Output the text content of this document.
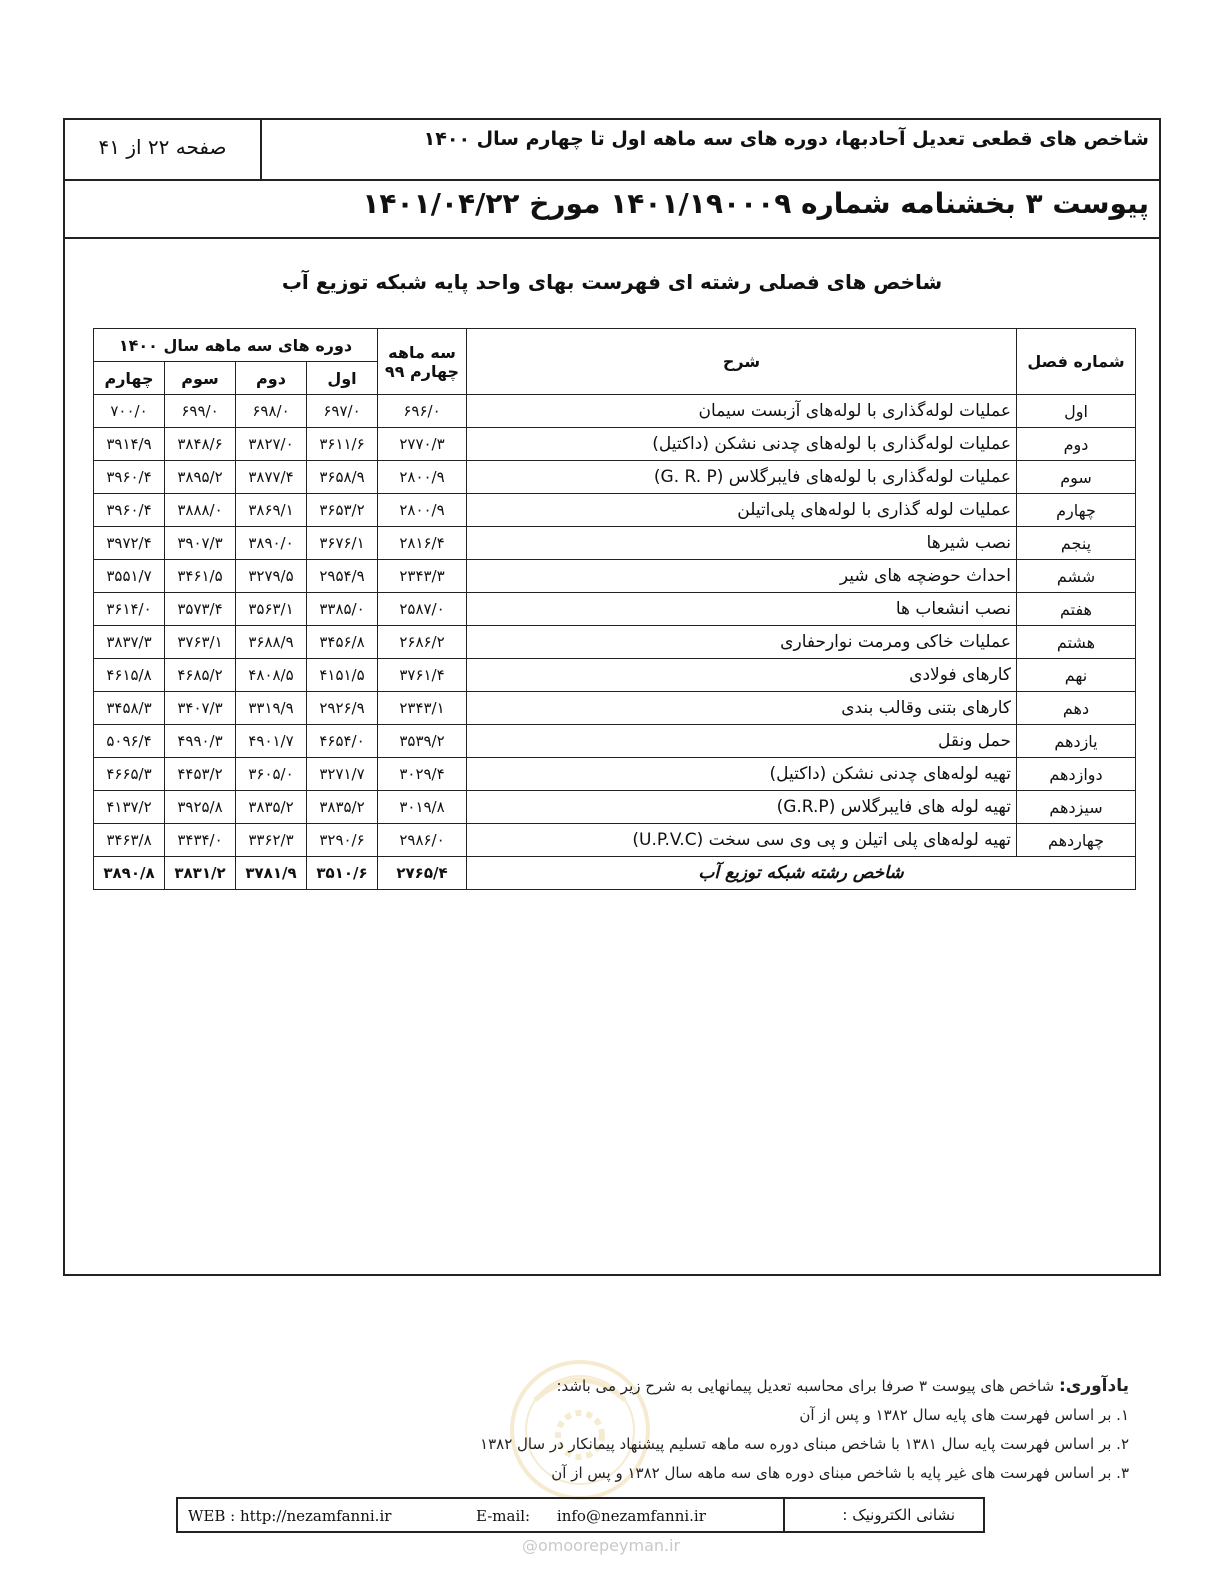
شاخص های قطعی تعدیل آحادبها، دوره های سه ماهه اول تا چهارم سال ۱۴۰۰
صفحه ۲۲ از ۴۱
پیوست ۳ بخشنامه شماره ۱۴۰۱/۱۹۰۰۰۹ مورخ ۱۴۰۱/۰۴/۲۲
شاخص های فصلی رشته ای فهرست بهای واحد پایه شبکه توزیع آب
شماره فصل	شرح	سه ماهه چهارم ۹۹	دوره های سه ماهه سال ۱۴۰۰			
			اول	دوم	سوم	چهارم
اول	عملیات لوله‌گذاری با لوله‌های آزبست سیمان	۶۹۶/۰	۶۹۷/۰	۶۹۸/۰	۶۹۹/۰	۷۰۰/۰
دوم	عملیات لوله‌گذاری با لوله‌های چدنی نشکن (داکتیل)	۲۷۷۰/۳	۳۶۱۱/۶	۳۸۲۷/۰	۳۸۴۸/۶	۳۹۱۴/۹
سوم	عملیات لوله‌گذاری با لوله‌های فایبرگلاس (G. R. P)	۲۸۰۰/۹	۳۶۵۸/۹	۳۸۷۷/۴	۳۸۹۵/۲	۳۹۶۰/۴
چهارم	عملیات لوله گذاری با لوله‌های پلی‌اتیلن	۲۸۰۰/۹	۳۶۵۳/۲	۳۸۶۹/۱	۳۸۸۸/۰	۳۹۶۰/۴
پنجم	نصب شیرها	۲۸۱۶/۴	۳۶۷۶/۱	۳۸۹۰/۰	۳۹۰۷/۳	۳۹۷۲/۴
ششم	احداث حوضچه های شیر	۲۳۴۳/۳	۲۹۵۴/۹	۳۲۷۹/۵	۳۴۶۱/۵	۳۵۵۱/۷
هفتم	نصب انشعاب ها	۲۵۸۷/۰	۳۳۸۵/۰	۳۵۶۳/۱	۳۵۷۳/۴	۳۶۱۴/۰
هشتم	عملیات خاکی ومرمت نوارحفاری	۲۶۸۶/۲	۳۴۵۶/۸	۳۶۸۸/۹	۳۷۶۳/۱	۳۸۳۷/۳
نهم	کارهای فولادی	۳۷۶۱/۴	۴۱۵۱/۵	۴۸۰۸/۵	۴۶۸۵/۲	۴۶۱۵/۸
دهم	کارهای بتنی وقالب بندی	۲۳۴۳/۱	۲۹۲۶/۹	۳۳۱۹/۹	۳۴۰۷/۳	۳۴۵۸/۳
یازدهم	حمل ونقل	۳۵۳۹/۲	۴۶۵۴/۰	۴۹۰۱/۷	۴۹۹۰/۳	۵۰۹۶/۴
دوازدهم	تهیه لوله‌های چدنی نشکن (داکتیل)	۳۰۲۹/۴	۳۲۷۱/۷	۳۶۰۵/۰	۴۴۵۳/۲	۴۶۶۵/۳
سیزدهم	تهیه لوله های فایبرگلاس (G.R.P)	۳۰۱۹/۸	۳۸۳۵/۲	۳۸۳۵/۲	۳۹۲۵/۸	۴۱۳۷/۲
چهاردهم	تهیه لوله‌های پلی اتیلن و پی وی سی سخت (U.P.V.C)	۲۹۸۶/۰	۳۲۹۰/۶	۳۳۶۲/۳	۳۴۳۴/۰	۳۴۶۳/۸
شاخص رشته شبکه توزیع آب		۲۷۶۵/۴	۳۵۱۰/۶	۳۷۸۱/۹	۳۸۳۱/۲	۳۸۹۰/۸
یادآوری: شاخص های پیوست ۳ صرفا برای محاسبه تعدیل پیمانهایی به شرح زیر می باشد:
۱. بر اساس فهرست های پایه سال ۱۳۸۲ و پس از آن
۲. بر اساس فهرست پایه سال ۱۳۸۱ با شاخص مبنای دوره سه ماهه تسلیم پیشنهاد پیمانکار در سال ۱۳۸۲
۳. بر اساس فهرست های غیر پایه با شاخص مبنای دوره های سه ماهه سال ۱۳۸۲ و پس از آن
نشانی الکترونیک :
WEB : http://nezamfanni.ir	E-mail: info@nezamfanni.ir
@omoorepeyman.ir
